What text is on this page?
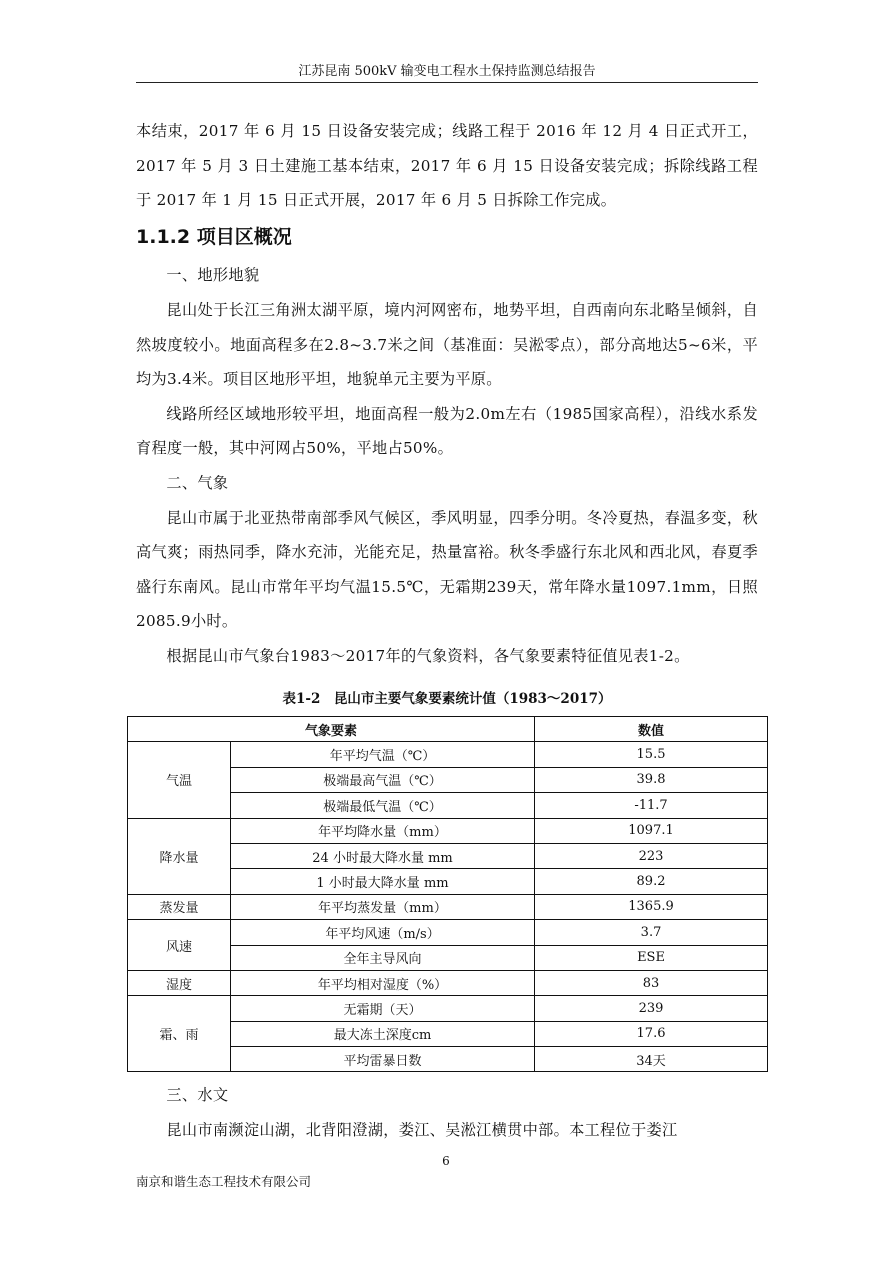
江苏昆南 500kV 输变电工程水土保持监测总结报告

本结束，2017 年 6 月 15 日设备安装完成；线路工程于 2016 年 12 月 4 日正式开工，2017 年 5 月 3 日土建施工基本结束，2017 年 6 月 15 日设备安装完成；拆除线路工程于 2017 年 1 月 15 日正式开展，2017 年 6 月 5 日拆除工作完成。

1.1.2 项目区概况

一、地形地貌

昆山处于长江三角洲太湖平原，境内河网密布，地势平坦，自西南向东北略呈倾斜，自然坡度较小。地面高程多在2.8~3.7米之间（基准面：吴淞零点），部分高地达5~6米，平均为3.4米。项目区地形平坦，地貌单元主要为平原。

线路所经区域地形较平坦，地面高程一般为2.0m左右（1985国家高程），沿线水系发育程度一般，其中河网占50%，平地占50%。

二、气象

昆山市属于北亚热带南部季风气候区，季风明显，四季分明。冬冷夏热，春温多变，秋高气爽；雨热同季，降水充沛，光能充足，热量富裕。秋冬季盛行东北风和西北风，春夏季盛行东南风。昆山市常年平均气温15.5℃，无霜期239天，常年降水量1097.1mm，日照2085.9小时。

根据昆山市气象台1983～2017年的气象资料，各气象要素特征值见表1-2。

表1-2　昆山市主要气象要素统计值（1983～2017）
气象要素		数值
气温	年平均气温（℃）	15.5
	极端最高气温（℃）	39.8
	极端最低气温（℃）	-11.7
降水量	年平均降水量（mm）	1097.1
	24 小时最大降水量 mm	223
	1 小时最大降水量 mm	89.2
蒸发量	年平均蒸发量（mm）	1365.9
风速	年平均风速（m/s）	3.7
	全年主导风向	ESE
湿度	年平均相对湿度（%）	83
霜、雨	无霜期（天）	239
	最大冻土深度cm	17.6
	平均雷暴日数	34天

三、水文

昆山市南濒淀山湖，北背阳澄湖，娄江、吴淞江横贯中部。本工程位于娄江

6
南京和谐生态工程技术有限公司
